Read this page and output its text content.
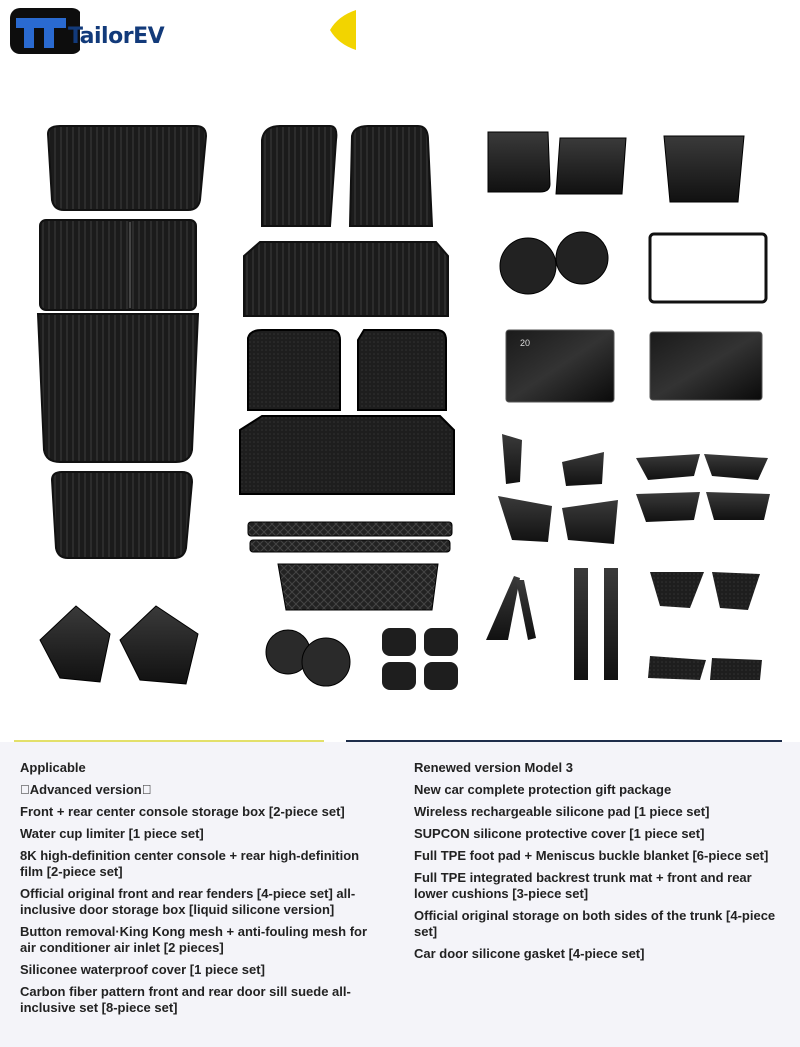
TailorEV
20
Applicable
 Advanced version 
Front + rear center console storage box [2-piece set]
Water cup limiter [1 piece set]
8K high-definition center console + rear high-definition film [2-piece set]
Official original front and rear fenders [4-piece set] all-inclusive door storage box [liquid silicone version]
Button removal·King Kong mesh + anti-fouling mesh for air conditioner air inlet [2 pieces]
Siliconee waterproof cover [1 piece set]
Carbon fiber pattern front and rear door sill suede all-inclusive set [8-piece set]
Renewed version Model 3
New car complete protection gift package
Wireless rechargeable silicone pad [1 piece set]
SUPCON silicone protective cover [1 piece set]
Full TPE foot pad + Meniscus buckle blanket [6-piece set]
Full TPE integrated backrest trunk mat + front and rear lower cushions [3-piece set]
Official original storage on both sides of the trunk [4-piece set]
Car door silicone gasket [4-piece set]
